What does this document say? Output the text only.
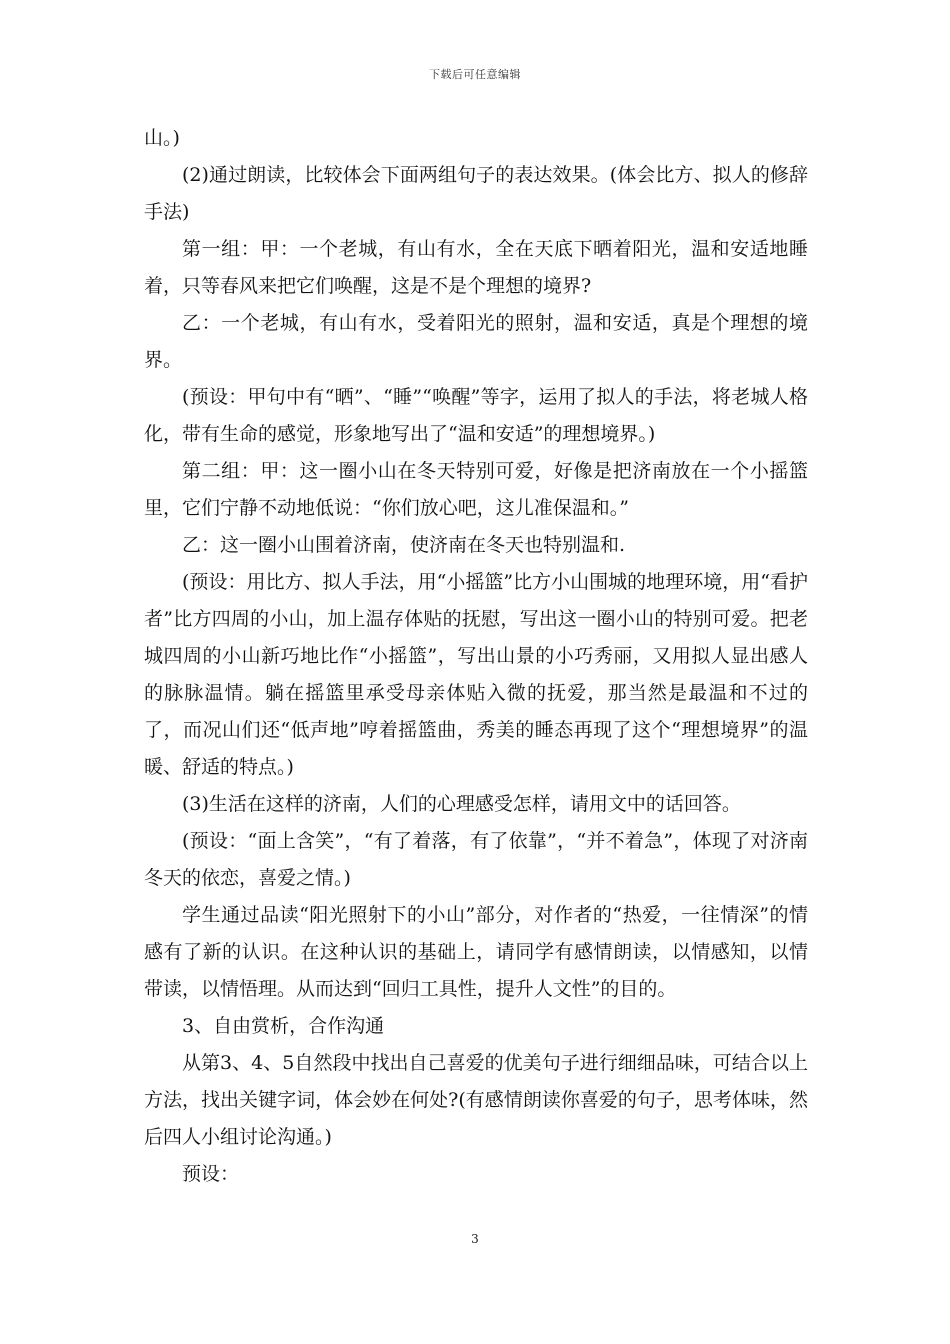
下载后可任意编辑

山。)

(2)通过朗读，比较体会下面两组句子的表达效果。(体会比方、拟人的修辞手法)

第一组：甲：一个老城，有山有水，全在天底下晒着阳光，温和安适地睡着，只等春风来把它们唤醒，这是不是个理想的境界?

乙：一个老城，有山有水，受着阳光的照射，温和安适，真是个理想的境界。

(预设：甲句中有“晒”、“睡”“唤醒”等字，运用了拟人的手法，将老城人格化，带有生命的感觉，形象地写出了“温和安适”的理想境界。)

第二组：甲：这一圈小山在冬天特别可爱，好像是把济南放在一个小摇篮里，它们宁静不动地低说：“你们放心吧，这儿准保温和。”

乙：这一圈小山围着济南，使济南在冬天也特别温和.

(预设：用比方、拟人手法，用“小摇篮”比方小山围城的地理环境，用“看护者”比方四周的小山，加上温存体贴的抚慰，写出这一圈小山的特别可爱。把老城四周的小山新巧地比作“小摇篮”，写出山景的小巧秀丽，又用拟人显出感人的脉脉温情。躺在摇篮里承受母亲体贴入微的抚爱，那当然是最温和不过的了，而况山们还“低声地”哼着摇篮曲，秀美的睡态再现了这个“理想境界”的温暖、舒适的特点。)

(3)生活在这样的济南，人们的心理感受怎样，请用文中的话回答。

(预设：“面上含笑”，“有了着落，有了依靠”，“并不着急”，体现了对济南冬天的依恋，喜爱之情。)

学生通过品读“阳光照射下的小山”部分，对作者的“热爱，一往情深”的情感有了新的认识。在这种认识的基础上，请同学有感情朗读，以情感知，以情带读，以情悟理。从而达到“回归工具性，提升人文性”的目的。

3、自由赏析，合作沟通

从第3、4、5自然段中找出自己喜爱的优美句子进行细细品味，可结合以上方法，找出关键字词，体会妙在何处?(有感情朗读你喜爱的句子，思考体味，然后四人小组讨论沟通。)

预设：

3
